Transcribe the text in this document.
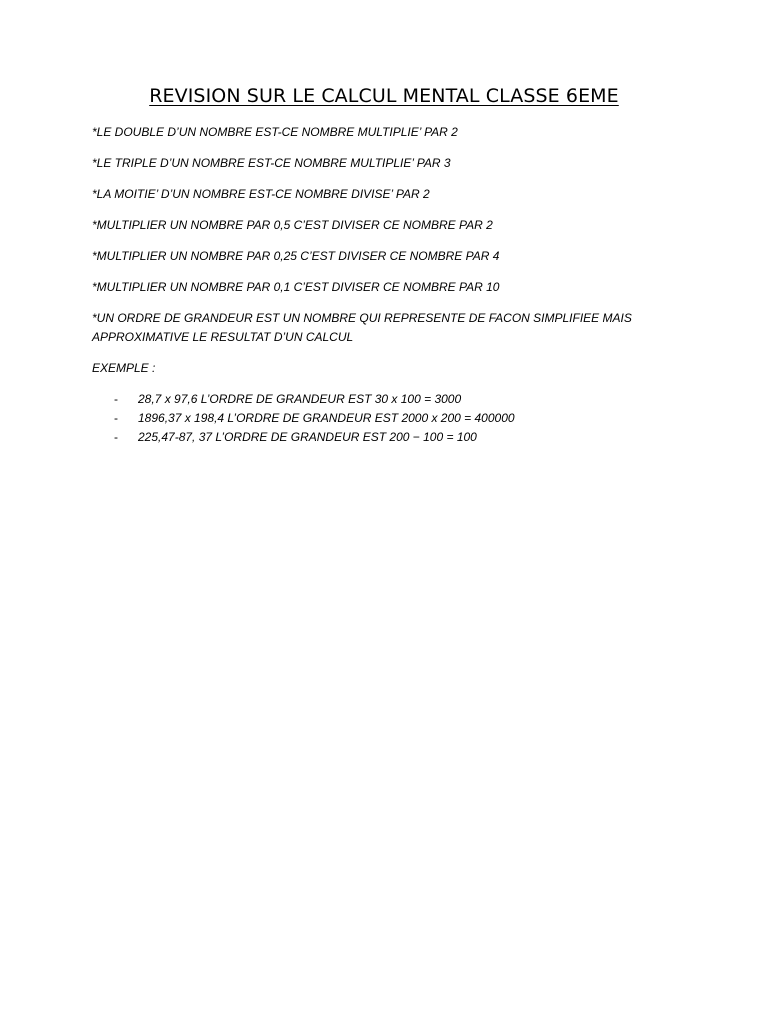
REVISION SUR LE CALCUL MENTAL CLASSE 6EME
*LE DOUBLE D’UN NOMBRE EST-CE NOMBRE MULTIPLIE’ PAR 2
*LE TRIPLE D’UN NOMBRE EST-CE NOMBRE MULTIPLIE’ PAR 3
*LA MOITIE’ D’UN NOMBRE EST-CE NOMBRE DIVISE’ PAR 2
*MULTIPLIER UN NOMBRE PAR 0,5 C’EST DIVISER CE NOMBRE PAR 2
*MULTIPLIER UN NOMBRE PAR 0,25 C’EST DIVISER CE NOMBRE PAR 4
*MULTIPLIER UN NOMBRE PAR 0,1 C’EST DIVISER CE NOMBRE PAR 10
*UN ORDRE DE GRANDEUR EST UN NOMBRE QUI REPRESENTE DE FACON SIMPLIFIEE MAIS
APPROXIMATIVE LE RESULTAT D’UN CALCUL
EXEMPLE :
- 28,7 x 97,6 L’ORDRE DE GRANDEUR EST 30 x 100 = 3000
- 1896,37 x 198,4 L’ORDRE DE GRANDEUR EST 2000 x 200 = 400000
- 225,47-87, 37 L’ORDRE DE GRANDEUR EST 200 − 100 = 100
